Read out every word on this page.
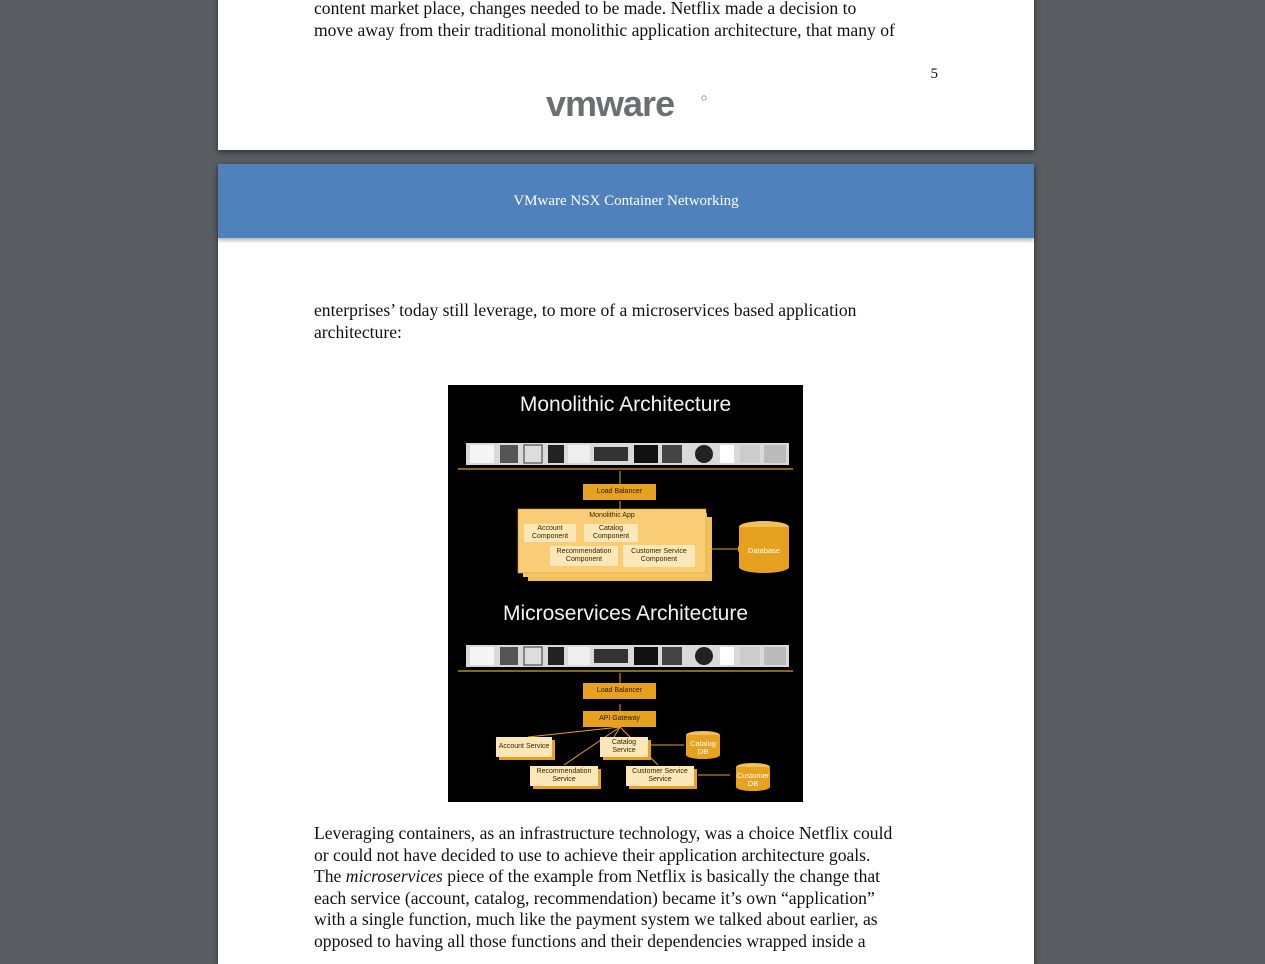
content market place, changes needed to be made. Netflix made a decision to
move away from their traditional monolithic application architecture, that many of
5
vmware
VMware NSX Container Networking
enterprises’ today still leverage, to more of a microservices based application
architecture:
Monolithic Architecture
Microservices Architecture
Load Balancer
Monolithic App
Account Component
Catalog Component
Recommendation Component
Customer Service Component
Database
Load Balancer
API Gateway
Account Service
Catalog Service
Recommendation Service
Customer Service Service
Catalog DB
Customer DB
Leveraging containers, as an infrastructure technology, was a choice Netflix could
or could not have decided to use to achieve their application architecture goals.
The microservices piece of the example from Netflix is basically the change that
each service (account, catalog, recommendation) became it’s own “application”
with a single function, much like the payment system we talked about earlier, as
opposed to having all those functions and their dependencies wrapped inside a
